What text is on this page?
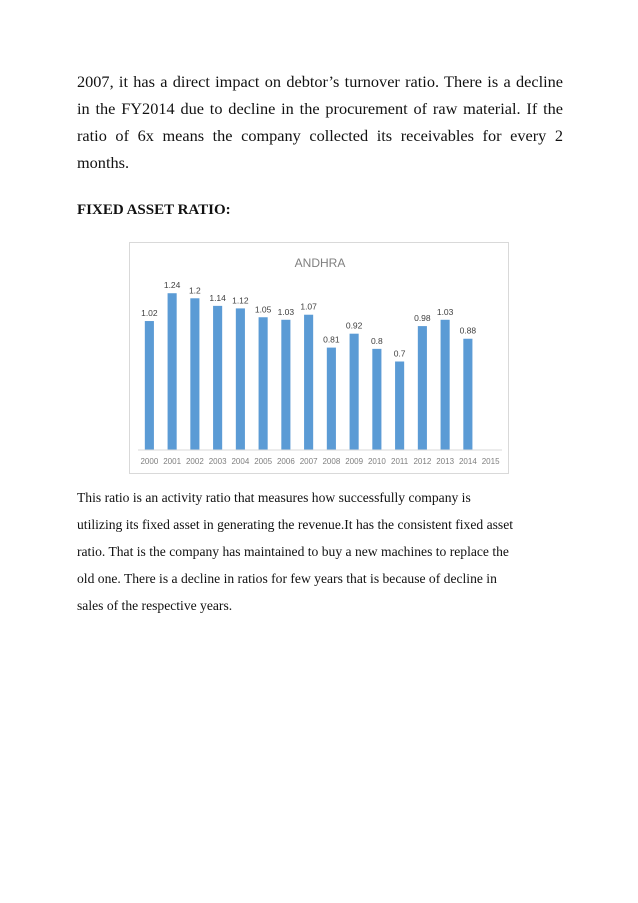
2007, it has a direct impact on debtor’s turnover ratio. There is a decline in the FY2014 due to decline in the procurement of raw material. If the ratio of 6x means the company collected its receivables for every 2 months.

FIXED ASSET RATIO:

ANDHRA
1.02
1.24
1.2
1.14 1.12
1.05 1.03
1.07
0.81
0.92
0.8
0.7
0.98
1.03
0.88
2000 2001 2002 2003 2004 2005 2006 2007 2008 2009 2010 2011 2012 2013 2014 2015
This ratio is an activity ratio that measures how successfully company is
utilizing its fixed asset in generating the revenue.It has the consistent fixed asset
ratio. That is the company has maintained to buy a new machines to replace the
old one. There is a decline in ratios for few years that is because of decline in
sales of the respective years.
